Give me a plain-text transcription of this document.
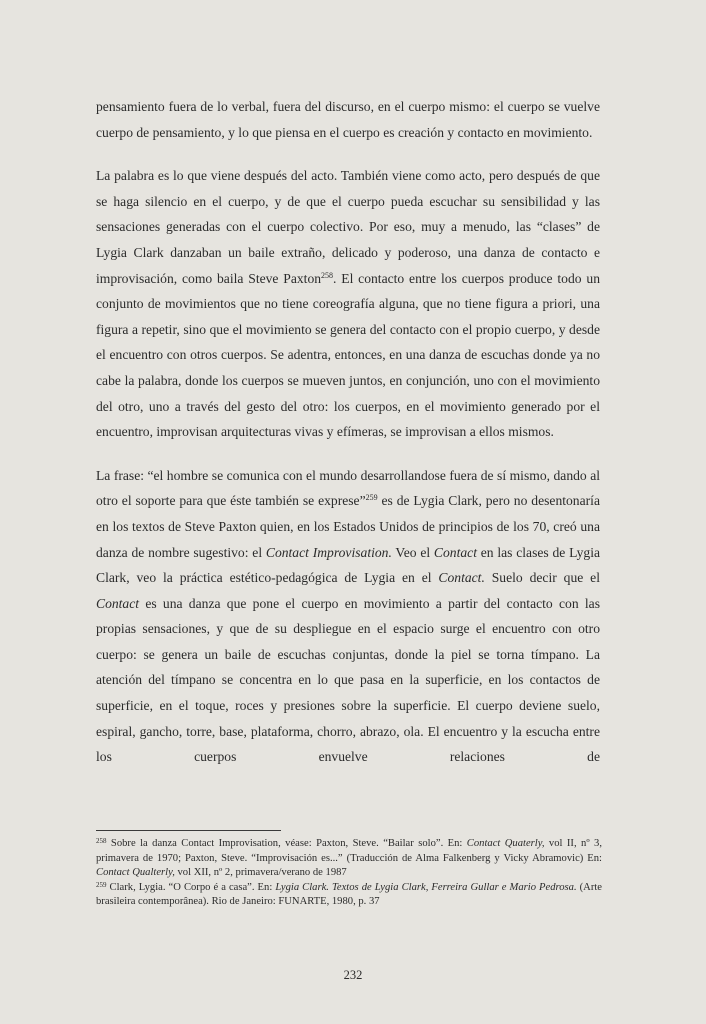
pensamiento fuera de lo verbal, fuera del discurso, en el cuerpo mismo: el cuerpo se vuelve cuerpo de pensamiento, y lo que piensa en el cuerpo es creación y contacto en movimiento.

La palabra es lo que viene después del acto. También viene como acto, pero después de que se haga silencio en el cuerpo, y de que el cuerpo pueda escuchar su sensibilidad y las sensaciones generadas con el cuerpo colectivo. Por eso, muy a menudo, las “clases” de Lygia Clark danzaban un baile extraño, delicado y poderoso, una danza de contacto e improvisación, como baila Steve Paxton$^{258}$. El contacto entre los cuerpos produce todo un conjunto de movimientos que no tiene coreografía alguna, que no tiene figura a priori, una figura a repetir, sino que el movimiento se genera del contacto con el propio cuerpo, y desde el encuentro con otros cuerpos. Se adentra, entonces, en una danza de escuchas donde ya no cabe la palabra, donde los cuerpos se mueven juntos, en conjunción, uno con el movimiento del otro, uno a través del gesto del otro: los cuerpos, en el movimiento generado por el encuentro, improvisan arquitecturas vivas y efímeras, se improvisan a ellos mismos.

La frase: “el hombre se comunica con el mundo desarrollandose fuera de sí mismo, dando al otro el soporte para que éste también se exprese”$^{259}$ es de Lygia Clark, pero no desentonaría en los textos de Steve Paxton quien, en los Estados Unidos de principios de los 70, creó una danza de nombre sugestivo: el Contact Improvisation. Veo el Contact en las clases de Lygia Clark, veo la práctica estético-pedagógica de Lygia en el Contact. Suelo decir que el Contact es una danza que pone el cuerpo en movimiento a partir del contacto con las propias sensaciones, y que de su despliegue en el espacio surge el encuentro con otro cuerpo: se genera un baile de escuchas conjuntas, donde la piel se torna tímpano. La atención del tímpano se concentra en lo que pasa en la superficie, en los contactos de superficie, en el toque, roces y presiones sobre la superficie. El cuerpo deviene suelo, espiral, gancho, torre, base, plataforma, chorro, abrazo, ola. El encuentro y la escucha entre los cuerpos envuelve relaciones de

$^{258}$ Sobre la danza Contact Improvisation, véase: Paxton, Steve. “Bailar solo”. En: Contact Quaterly, vol II, nº 3, primavera de 1970; Paxton, Steve. “Improvisación es...” (Traducción de Alma Falkenberg y Vicky Abramovic) En: Contact Qualterly, vol XII, nº 2, primavera/verano de 1987

$^{259}$ Clark, Lygia. “O Corpo é a casa”. En: Lygia Clark. Textos de Lygia Clark, Ferreira Gullar e Mario Pedrosa. (Arte brasileira contemporânea). Rio de Janeiro: FUNARTE, 1980, p. 37

232
